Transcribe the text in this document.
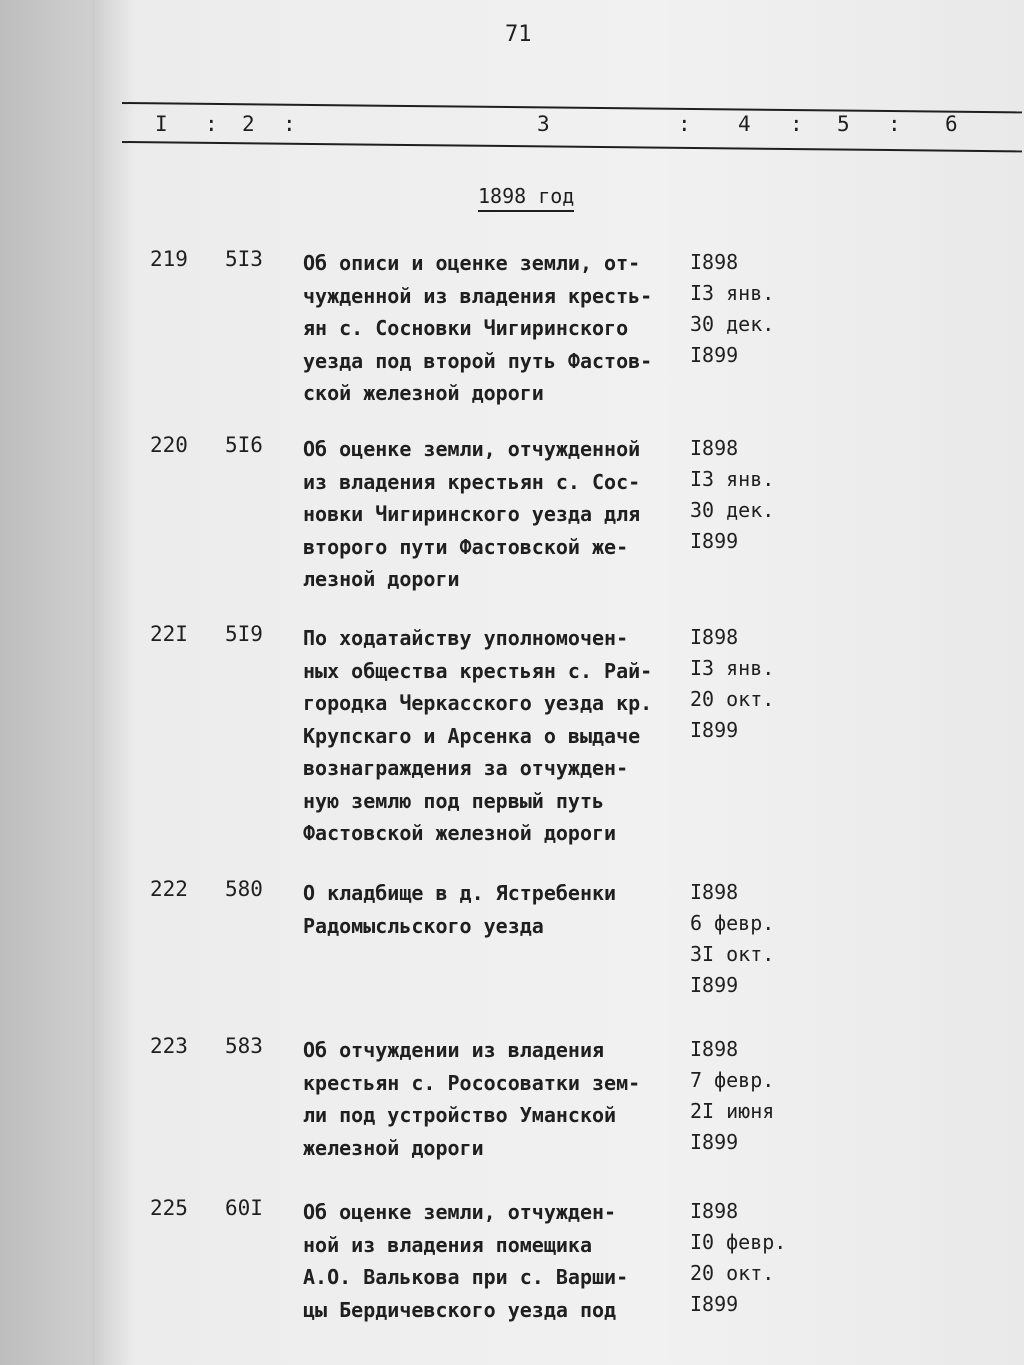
71
I : 2 :	3	: 4 : 5 : 6
1898 год
219 5I3 Об описи и оценке земли, от-
чужденной из владения кресть-
ян с. Сосновки Чигиринского
уезда под второй путь Фастов-
ской железной дороги
I898
I3 янв.
30 дек.
I899
220 5I6 Об оценке земли, отчужденной
из владения крестьян с. Сос-
новки Чигиринского уезда для
второго пути Фастовской же-
лезной дороги
I898
I3 янв.
30 дек.
I899
22I 5I9 По ходатайству уполномочен-
ных общества крестьян с. Рай-
городка Черкасского уезда кр.
Крупскаго и Арсенка о выдаче
вознаграждения за отчужден-
ную землю под первый путь
Фастовской железной дороги
I898
I3 янв.
20 окт.
I899
222 580 О кладбище в д. Ястребенки
Радомысльского уезда
I898
6 февр.
3I окт.
I899
223 583 Об отчуждении из владения
крестьян с. Рососоватки зем-
ли под устройство Уманской
железной дороги
I898
7 февр.
2I июня
I899
225 60I Об оценке земли, отчужден-
ной из владения помещика
А.О. Валькова при с. Варши-
цы Бердичевского уезда под
I898
I0 февр.
20 окт.
I899
